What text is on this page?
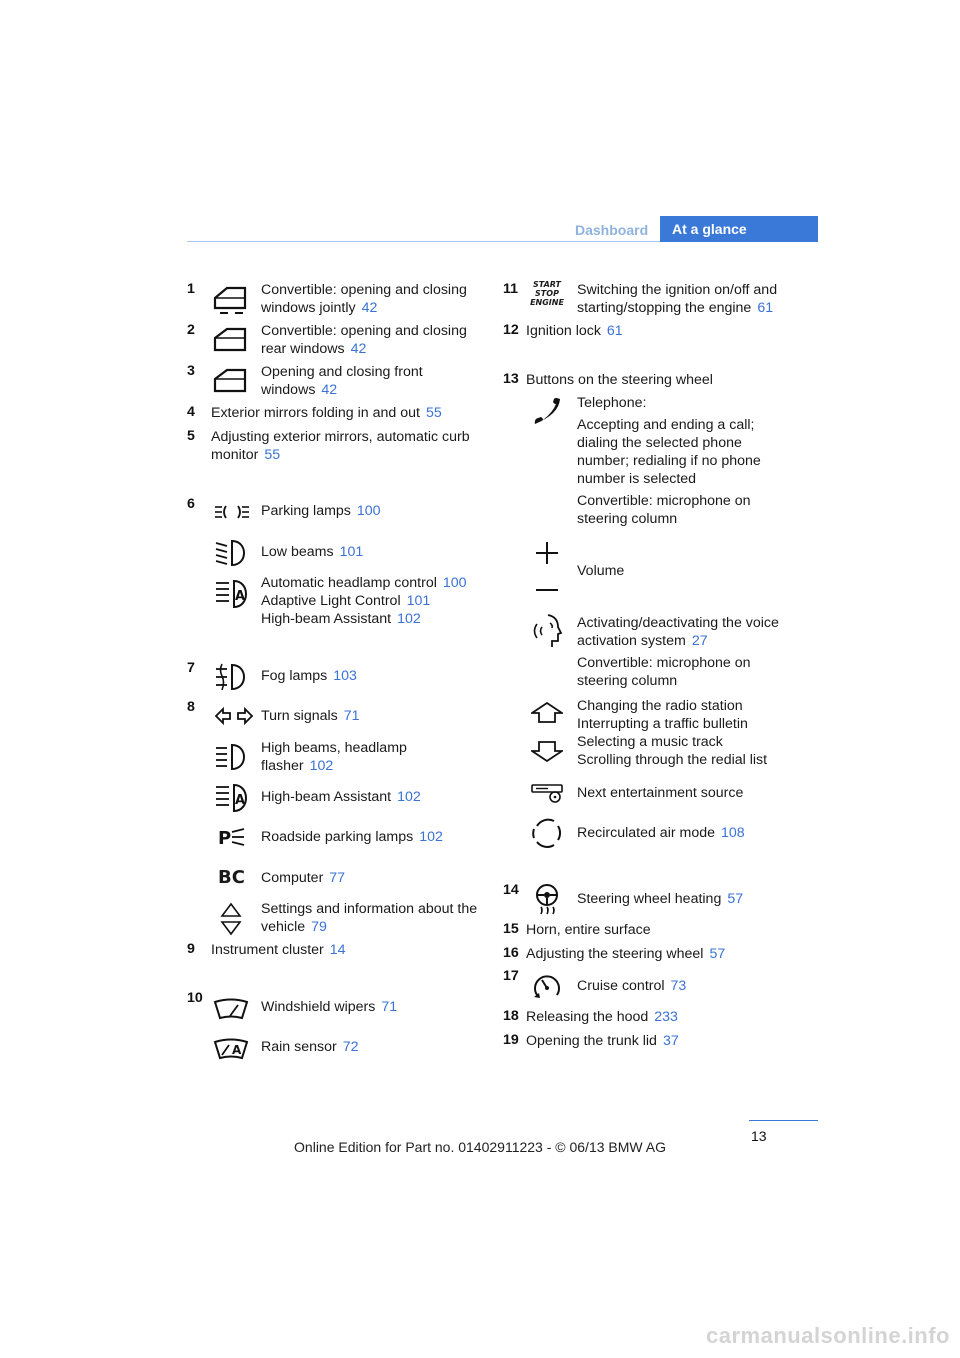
Dashboard	At a glance
1	Convertible: opening and closing windows jointly 42
2	Convertible: opening and closing rear windows 42
3	Opening and closing front windows 42
4 Exterior mirrors folding in and out 55
5 Adjusting exterior mirrors, automatic curb monitor 55
6	Parking lamps 100
Low beams 101
A
Automatic headlamp control 100
Adaptive Light Control 101
High-beam Assistant 102
7	Fog lamps 103
8
Turn signals 71
High beams, headlamp flasher 102
A High-beam Assistant 102
P Roadside parking lamps 102
BC Computer 77
Settings and information about the vehicle 79
9 Instrument cluster 14
10
Windshield wipers 71
A Rain sensor 72
11	START
STOP
ENGINE
Switching the ignition on/off and starting/stopping the engine 61
12 Ignition lock 61
13 Buttons on the steering wheel
Telephone:
Accepting and ending a call; dialing the selected phone number; redialing if no phone number is selected
Convertible: microphone on steering column
Volume
Activating/deactivating the voice activation system 27
Convertible: microphone on steering column
Changing the radio station
Interrupting a traffic bulletin
Selecting a music track
Scrolling through the redial list
Next entertainment source
Recirculated air mode 108
14
Steering wheel heating 57
15 Horn, entire surface
16 Adjusting the steering wheel 57
17
Cruise control 73
18 Releasing the hood 233
19 Opening the trunk lid 37
13
Online Edition for Part no. 01402911223 - © 06/13 BMW AG
carmanualsonline.info
